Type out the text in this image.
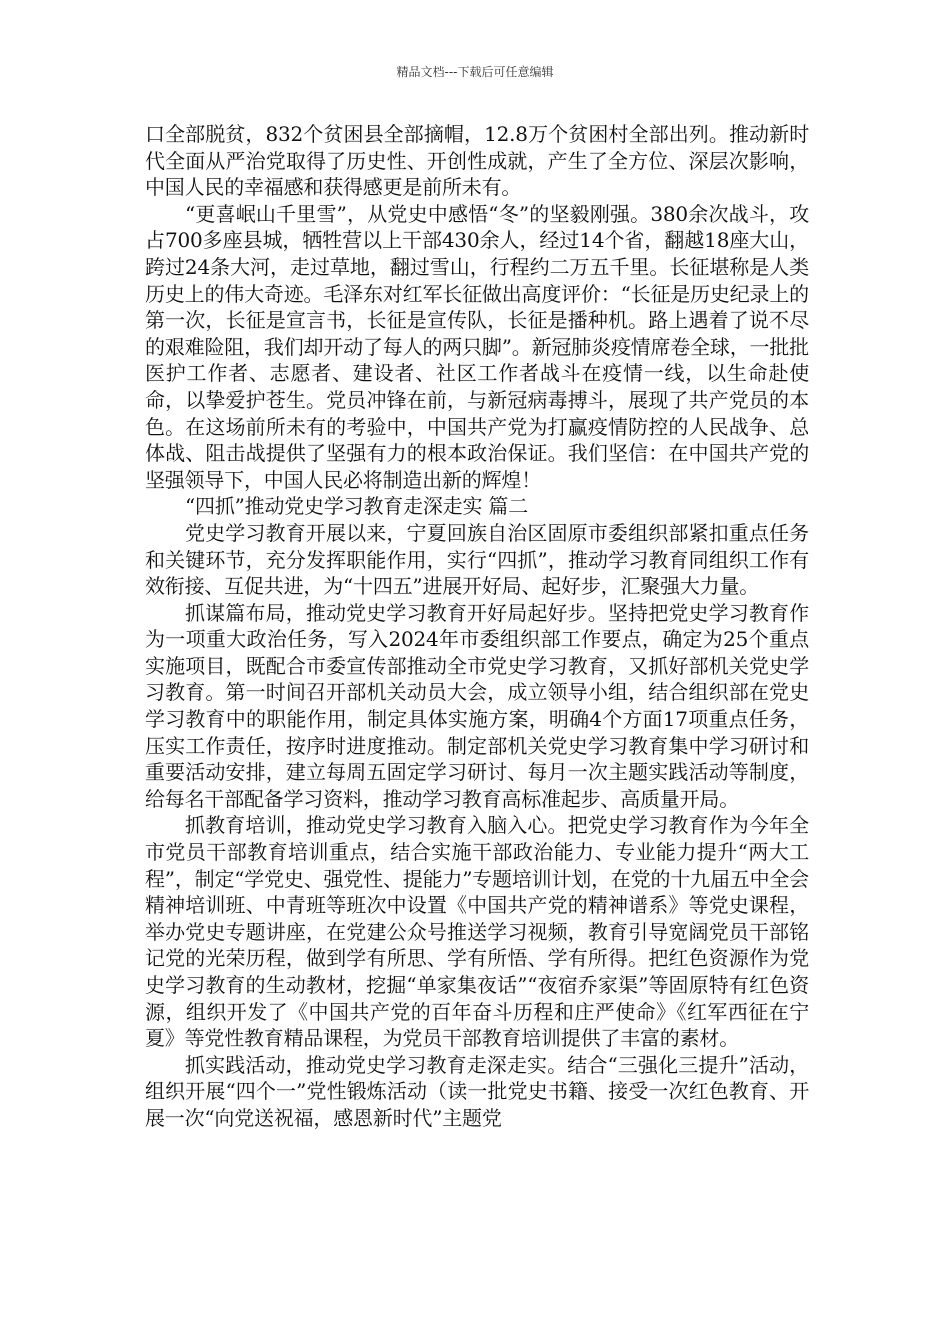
精品文档---下载后可任意编辑

口全部脱贫，832个贫困县全部摘帽，12.8万个贫困村全部出列。推动新时代全面从严治党取得了历史性、开创性成就，产生了全方位、深层次影响，中国人民的幸福感和获得感更是前所未有。

“更喜岷山千里雪”，从党史中感悟“冬”的坚毅刚强。380余次战斗，攻占700多座县城，牺牲营以上干部430余人，经过14个省，翻越18座大山，跨过24条大河，走过草地，翻过雪山，行程约二万五千里。长征堪称是人类历史上的伟大奇迹。毛泽东对红军长征做出高度评价：“长征是历史纪录上的第一次，长征是宣言书，长征是宣传队，长征是播种机。路上遇着了说不尽的艰难险阻，我们却开动了每人的两只脚”。新冠肺炎疫情席卷全球，一批批医护工作者、志愿者、建设者、社区工作者战斗在疫情一线，以生命赴使命，以挚爱护苍生。党员冲锋在前，与新冠病毒搏斗，展现了共产党员的本色。在这场前所未有的考验中，中国共产党为打赢疫情防控的人民战争、总体战、阻击战提供了坚强有力的根本政治保证。我们坚信：在中国共产党的坚强领导下，中国人民必将制造出新的辉煌！

“四抓”推动党史学习教育走深走实 篇二

党史学习教育开展以来，宁夏回族自治区固原市委组织部紧扣重点任务和关键环节，充分发挥职能作用，实行“四抓”，推动学习教育同组织工作有效衔接、互促共进，为“十四五”进展开好局、起好步，汇聚强大力量。

抓谋篇布局，推动党史学习教育开好局起好步。坚持把党史学习教育作为一项重大政治任务，写入2024年市委组织部工作要点，确定为25个重点实施项目，既配合市委宣传部推动全市党史学习教育，又抓好部机关党史学习教育。第一时间召开部机关动员大会，成立领导小组，结合组织部在党史学习教育中的职能作用，制定具体实施方案，明确4个方面17项重点任务，压实工作责任，按序时进度推动。制定部机关党史学习教育集中学习研讨和重要活动安排，建立每周五固定学习研讨、每月一次主题实践活动等制度，给每名干部配备学习资料，推动学习教育高标准起步、高质量开局。

抓教育培训，推动党史学习教育入脑入心。把党史学习教育作为今年全市党员干部教育培训重点，结合实施干部政治能力、专业能力提升“两大工程”，制定“学党史、强党性、提能力”专题培训计划，在党的十九届五中全会精神培训班、中青班等班次中设置《中国共产党的精神谱系》等党史课程，举办党史专题讲座，在党建公众号推送学习视频，教育引导宽阔党员干部铭记党的光荣历程，做到学有所思、学有所悟、学有所得。把红色资源作为党史学习教育的生动教材，挖掘“单家集夜话”“夜宿乔家渠”等固原特有红色资源，组织开发了《中国共产党的百年奋斗历程和庄严使命》《红军西征在宁夏》等党性教育精品课程，为党员干部教育培训提供了丰富的素材。

抓实践活动，推动党史学习教育走深走实。结合“三强化三提升”活动，组织开展“四个一”党性锻炼活动（读一批党史书籍、接受一次红色教育、开展一次“向党送祝福，感恩新时代”主题党
